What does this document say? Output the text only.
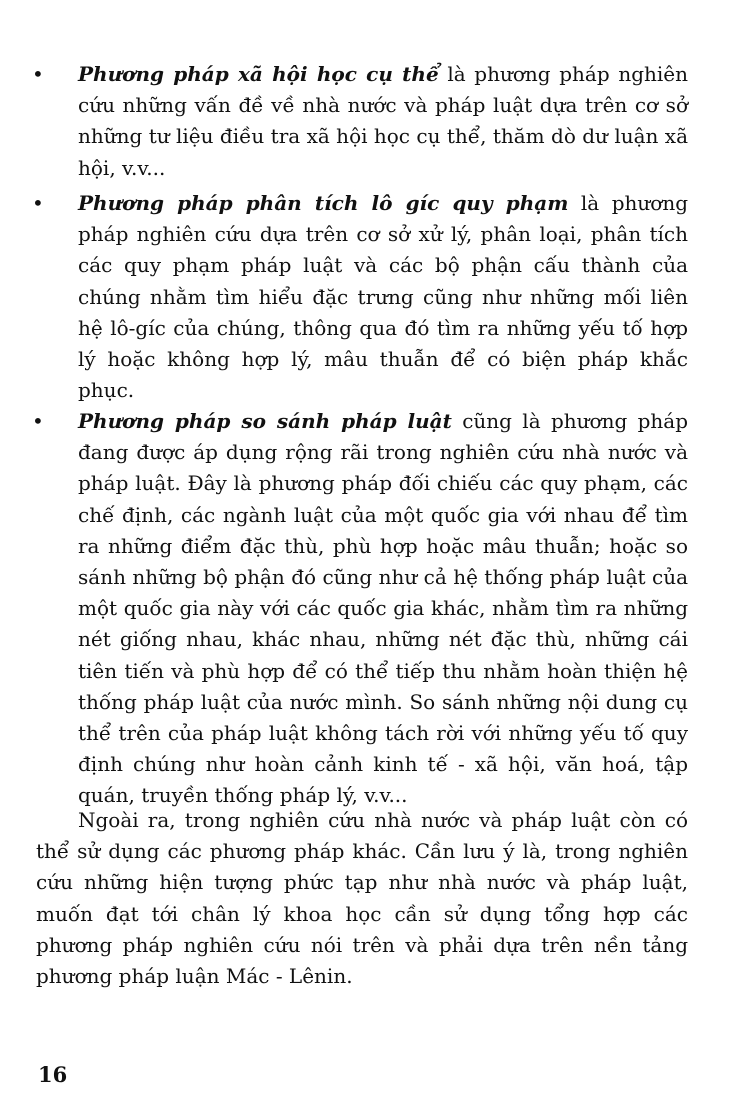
• Phương pháp xã hội học cụ thể là phương pháp nghiên cứu những vấn đề về nhà nước và pháp luật dựa trên cơ sở những tư liệu điều tra xã hội học cụ thể, thăm dò dư luận xã hội, v.v...

• Phương pháp phân tích lô gíc quy phạm là phương pháp nghiên cứu dựa trên cơ sở xử lý, phân loại, phân tích các quy phạm pháp luật và các bộ phận cấu thành của chúng nhằm tìm hiểu đặc trưng cũng như những mối liên hệ lô-gíc của chúng, thông qua đó tìm ra những yếu tố hợp lý hoặc không hợp lý, mâu thuẫn để có biện pháp khắc phục.

• Phương pháp so sánh pháp luật cũng là phương pháp đang được áp dụng rộng rãi trong nghiên cứu nhà nước và pháp luật. Đây là phương pháp đối chiếu các quy phạm, các chế định, các ngành luật của một quốc gia với nhau để tìm ra những điểm đặc thù, phù hợp hoặc mâu thuẫn; hoặc so sánh những bộ phận đó cũng như cả hệ thống pháp luật của một quốc gia này với các quốc gia khác, nhằm tìm ra những nét giống nhau, khác nhau, những nét đặc thù, những cái tiên tiến và phù hợp để có thể tiếp thu nhằm hoàn thiện hệ thống pháp luật của nước mình. So sánh những nội dung cụ thể trên của pháp luật không tách rời với những yếu tố quy định chúng như hoàn cảnh kinh tế - xã hội, văn hoá, tập quán, truyền thống pháp lý, v.v...

Ngoài ra, trong nghiên cứu nhà nước và pháp luật còn có thể sử dụng các phương pháp khác. Cần lưu ý là, trong nghiên cứu những hiện tượng phức tạp như nhà nước và pháp luật, muốn đạt tới chân lý khoa học cần sử dụng tổng hợp các phương pháp nghiên cứu nói trên và phải dựa trên nền tảng phương pháp luận Mác - Lênin.

16
